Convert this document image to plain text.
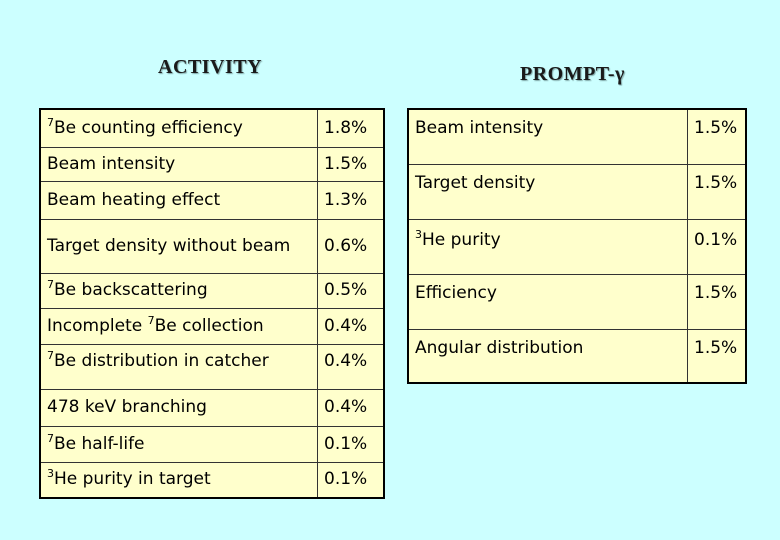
ACTIVITY	PROMPT-γ
$^7$Be counting efficiency	1.8%
Beam intensity	1.5%
Beam heating effect	1.3%
Target density without beam	0.6%
$^7$Be backscattering	0.5%
Incomplete $^7$Be collection	0.4%
$^7$Be distribution in catcher	0.4%
478 keV branching	0.4%
$^7$Be half-life	0.1%
$^3$He purity in target	0.1%
Beam intensity	1.5%
Target density	1.5%
$^3$He purity	0.1%
Efficiency	1.5%
Angular distribution	1.5%
